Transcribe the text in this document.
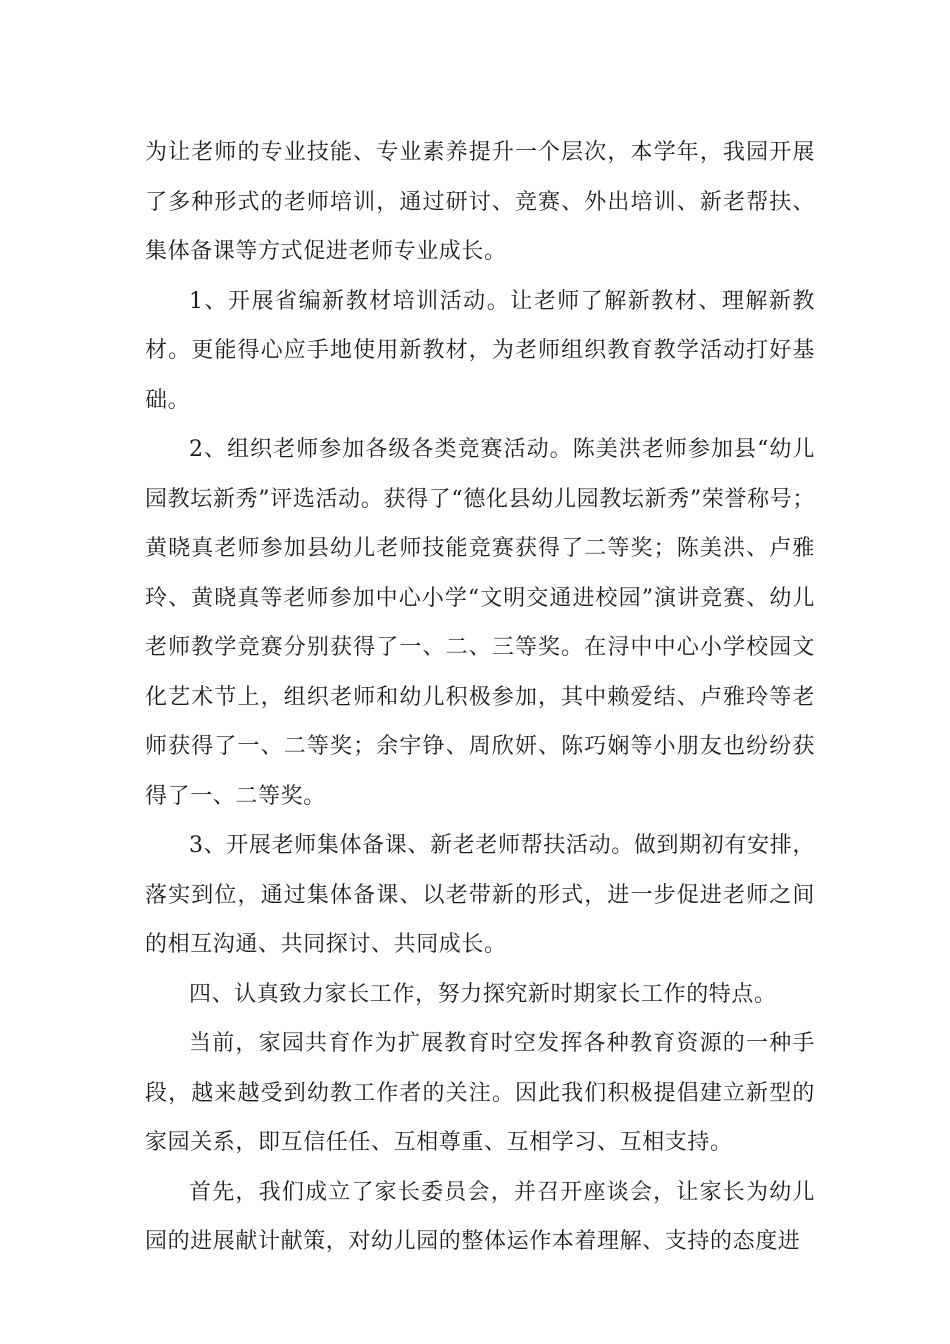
为让老师的专业技能、专业素养提升一个层次，本学年，我园开展了多种形式的老师培训，通过研讨、竞赛、外出培训、新老帮扶、集体备课等方式促进老师专业成长。

1、开展省编新教材培训活动。让老师了解新教材、理解新教材。更能得心应手地使用新教材，为老师组织教育教学活动打好基础。

2、组织老师参加各级各类竞赛活动。陈美洪老师参加县“幼儿园教坛新秀”评选活动。获得了“德化县幼儿园教坛新秀”荣誉称号；黄晓真老师参加县幼儿老师技能竞赛获得了二等奖；陈美洪、卢雅玲、黄晓真等老师参加中心小学“文明交通进校园”演讲竞赛、幼儿老师教学竞赛分别获得了一、二、三等奖。在浔中中心小学校园文化艺术节上，组织老师和幼儿积极参加，其中赖爱结、卢雅玲等老师获得了一、二等奖；余宇铮、周欣妍、陈巧娴等小朋友也纷纷获得了一、二等奖。

3、开展老师集体备课、新老老师帮扶活动。做到期初有安排，落实到位，通过集体备课、以老带新的形式，进一步促进老师之间的相互沟通、共同探讨、共同成长。

四、认真致力家长工作，努力探究新时期家长工作的特点。

当前，家园共育作为扩展教育时空发挥各种教育资源的一种手段，越来越受到幼教工作者的关注。因此我们积极提倡建立新型的家园关系，即互信任任、互相尊重、互相学习、互相支持。

首先，我们成立了家长委员会，并召开座谈会，让家长为幼儿园的进展献计献策，对幼儿园的整体运作本着理解、支持的态度进
